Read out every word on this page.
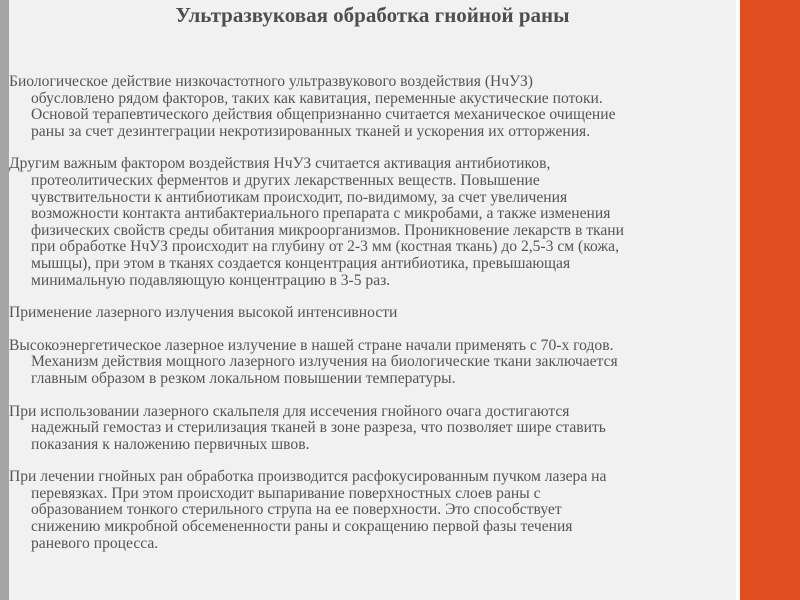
Ультразвуковая обработка гнойной раны

Биологическое действие низкочастотного ультразвукового воздействия (НчУЗ)
обусловлено рядом факторов, таких как кавитация, переменные акустические потоки.
Основой терапевтического действия общепризнанно считается механическое очищение
раны за счет дезинтеграции некротизированных тканей и ускорения их отторжения.

Другим важным фактором воздействия НчУЗ считается активация антибиотиков,
протеолитических ферментов и других лекарственных веществ. Повышение
чувствительности к антибиотикам происходит, по-видимому, за счет увеличения
возможности контакта антибактериального препарата с микробами, а также изменения
физических свойств среды обитания микроорганизмов. Проникновение лекарств в ткани
при обработке НчУЗ происходит на глубину от 2-3 мм (костная ткань) до 2,5-3 см (кожа,
мышцы), при этом в тканях создается концентрация антибиотика, превышающая
минимальную подавляющую концентрацию в 3-5 раз.

Применение лазерного излучения высокой интенсивности

Высокоэнергетическое лазерное излучение в нашей стране начали применять с 70-х годов.
Механизм действия мощного лазерного излучения на биологические ткани заключается
главным образом в резком локальном повышении температуры.

При использовании лазерного скальпеля для иссечения гнойного очага достигаются
надежный гемостаз и стерилизация тканей в зоне разреза, что позволяет шире ставить
показания к наложению первичных швов.

При лечении гнойных ран обработка производится расфокусированным пучком лазера на
перевязках. При этом происходит выпаривание поверхностных слоев раны с
образованием тонкого стерильного струпа на ее поверхности. Это способствует
снижению микробной обсемененности раны и сокращению первой фазы течения
раневого процесса.
